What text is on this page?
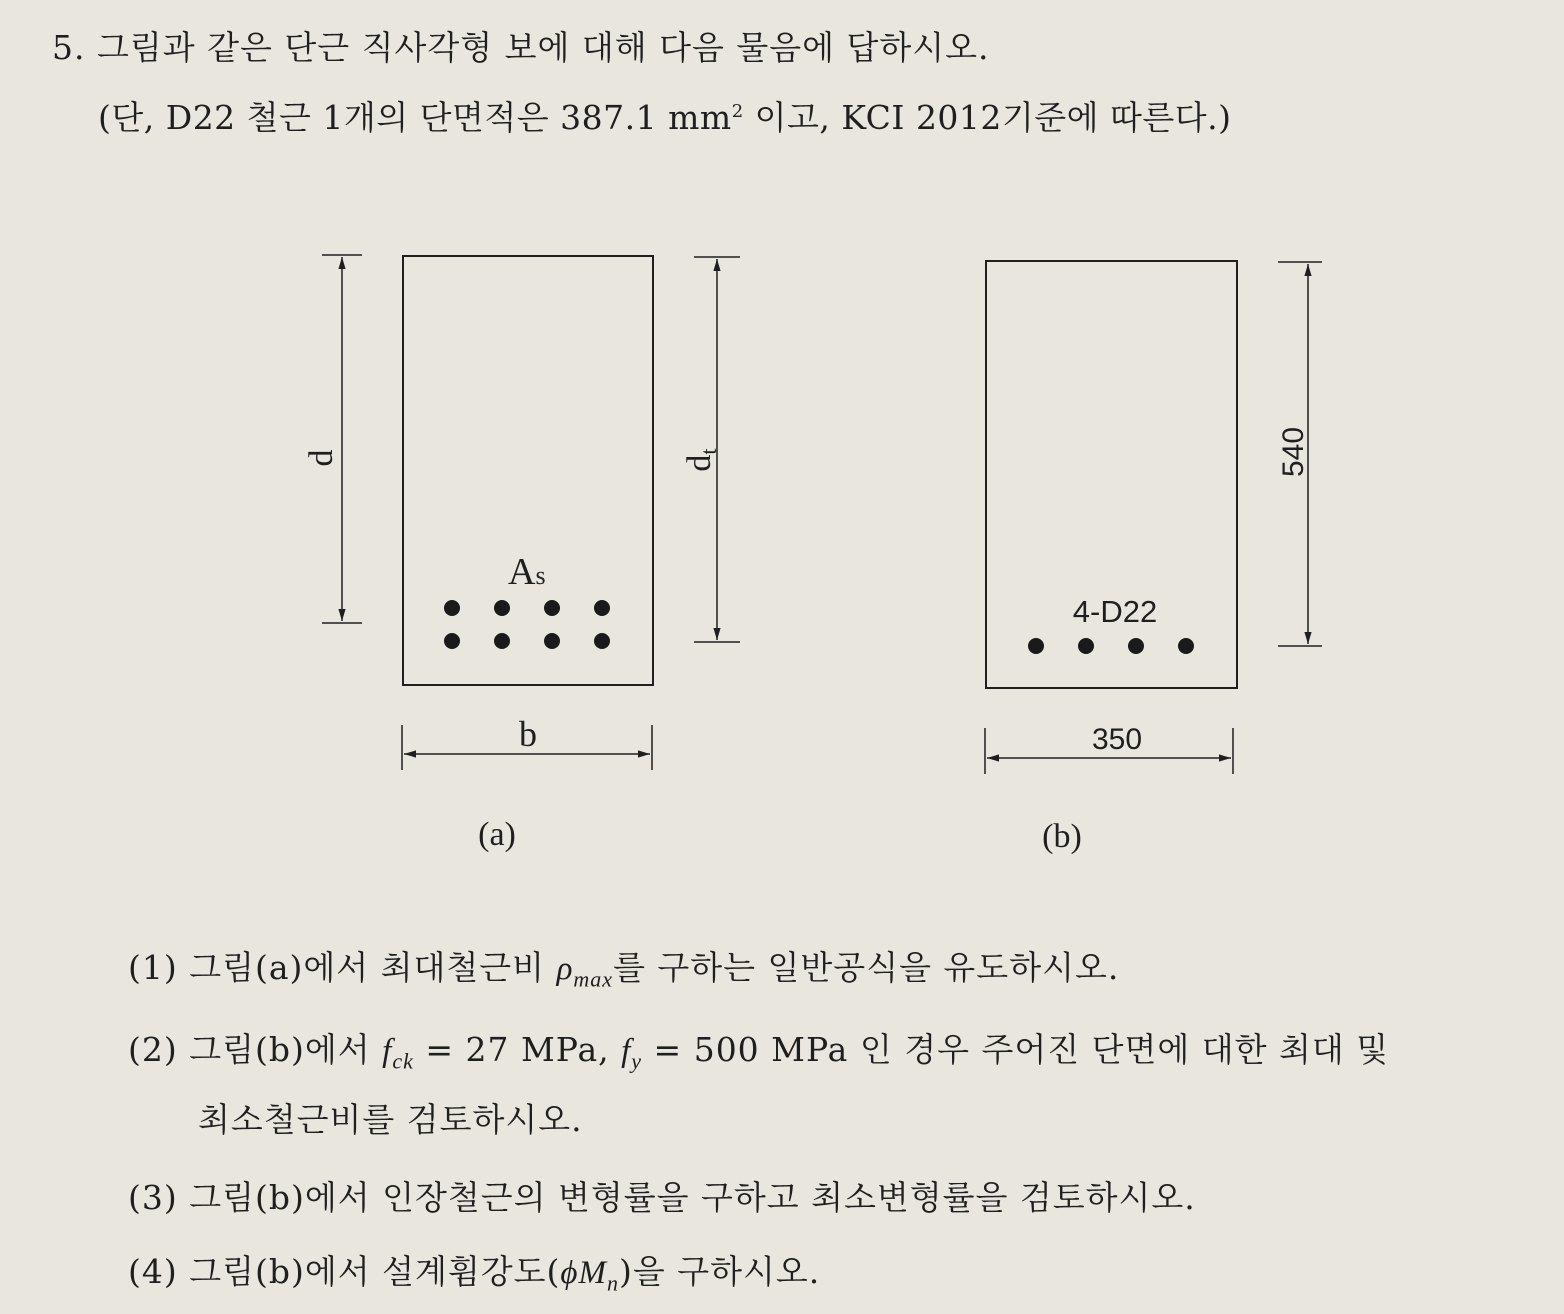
5. 그림과 같은 단근 직사각형 보에 대해 다음 물음에 답하시오.
(단, D22 철근 1개의 단면적은 387.1 $mm^2$ 이고, KCI 2012기준에 따른다.)
d	dt
As
b
(a)
4-D22
540
350
(b)
(1) 그림(a)에서 최대철근비 $\rho_{max}$를 구하는 일반공식을 유도하시오.
(2) 그림(b)에서 $f_{ck} = 27$ MPa, $f_y = 500$ MPa 인 경우 주어진 단면에 대한 최대 및
최소철근비를 검토하시오.
(3) 그림(b)에서 인장철근의 변형률을 구하고 최소변형률을 검토하시오.
(4) 그림(b)에서 설계휨강도$(\phi M_n)$을 구하시오.
